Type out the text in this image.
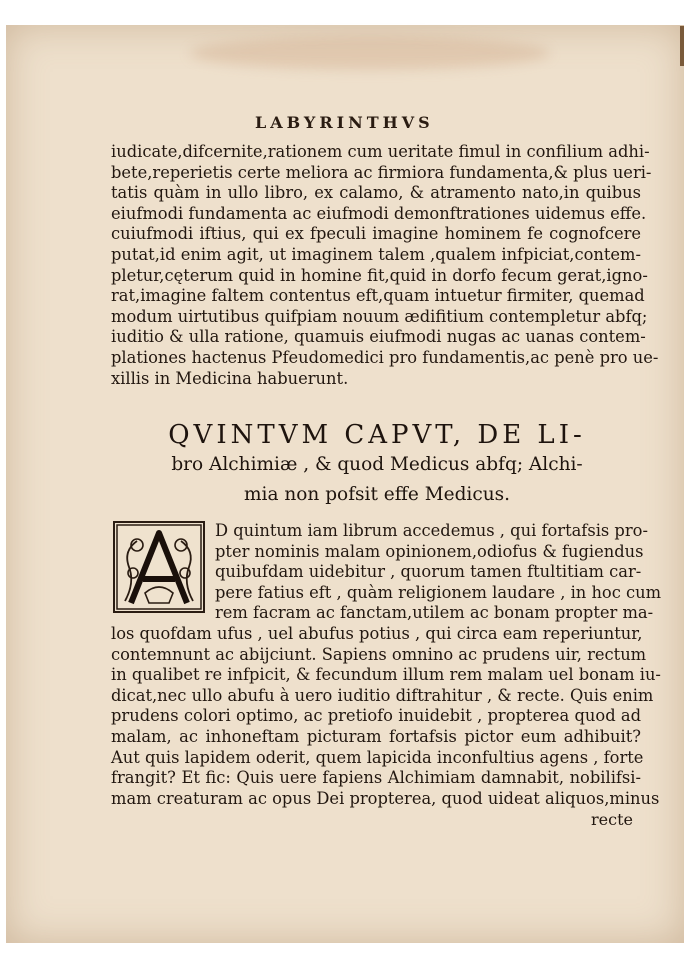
LABYRINTHVS
iudicate,difcernite,rationem cum ueritate fimul in confilium adhi-
bete,reperietis certe meliora ac firmiora fundamenta,& plus ueri-
tatis quàm in ullo libro, ex calamo, & atramento nato,in quibus
eiufmodi fundamenta ac eiufmodi demonftrationes uidemus effe.
cuiufmodi iftius, qui ex fpeculi imagine hominem fe cognofcere
putat,id enim agit, ut imaginem talem ,qualem infpiciat,contem-
pletur,cęterum quid in homine fit,quid in dorfo fecum gerat,igno-
rat,imagine faltem contentus eft,quam intuetur firmiter, quemad
modum uirtutibus quifpiam nouum ædifitium contempletur abfq;
iuditio & ulla ratione, quamuis eiufmodi nugas ac uanas contem-
plationes hactenus Pfeudomedici pro fundamentis,ac penè pro ue-
xillis in Medicina habuerunt.
QVINTVM CAPVT, DE LI-
bro Alchimiæ , & quod Medicus abfq; Alchi-
mia non pofsit effe Medicus.
D quintum iam librum accedemus , qui fortafsis pro-
pter nominis malam opinionem,odiofus & fugiendus
quibufdam uidebitur , quorum tamen ftultitiam car-
pere fatius eft , quàm religionem laudare , in hoc cum
rem facram ac fanctam,utilem ac bonam propter ma-
los quofdam ufus , uel abufus potius , qui circa eam reperiuntur,
contemnunt ac abijciunt. Sapiens omnino ac prudens uir, rectum
in qualibet re infpicit, & fecundum illum rem malam uel bonam iu-
dicat,nec ullo abufu à uero iuditio diftrahitur , & recte. Quis enim
prudens colori optimo, ac pretiofo inuidebit , propterea quod ad
malam, ac inhoneftam picturam fortafsis pictor eum adhibuit?
Aut quis lapidem oderit, quem lapicida inconfultius agens , forte
frangit? Et fic: Quis uere fapiens Alchimiam damnabit, nobilifsi-
mam creaturam ac opus Dei propterea, quod uideat aliquos,minus
recte
